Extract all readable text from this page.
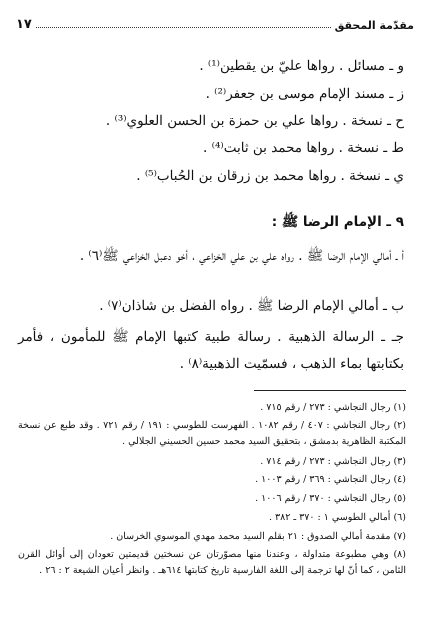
١٧	مقدّمة المحقق
و ـ مسائل . رواها عليّ بن يقطين⁽¹⁾ .
ز ـ مسند الإمام موسى بن جعفر⁽²⁾ .
ح ـ نسخة . رواها علي بن حمزة بن الحسن العلوي⁽³⁾ .
ط ـ نسخة . رواها محمد بن ثابت⁽⁴⁾ .
ي ـ نسخة . رواها محمد بن زرقان بن الحُباب⁽⁵⁾ .
٩ ـ الإمام الرضا ﷺ :
أ ـ أمالي الإمام الرضا ﷺ . رواه علي بن علي الخزاعي ، أخو دعبل الخزاعي ﷺ⁽٦⁾ .
ب ـ أمالي الإمام الرضا ﷺ . رواه الفضل بن شاذان⁽٧⁾ .
جـ ـ الرسالة الذهبية . رسالة طبية كتبها الإمام ﷺ للمأمون ، فأمر بكتابتها بماء الذهب ، فسمّيت الذهبية⁽٨⁾ .
(١) رجال النجاشي : ٢٧٣ / رقم ٧١٥ .
(٢) رجال النجاشي : ٤٠٧ / رقم ١٠٨٢ . الفهرست للطوسي : ١٩١ / رقم ٧٢١ . وقد طبع عن نسخة المكتبة الظاهرية بدمشق ، بتحقيق السيد محمد حسين الحسيني الجلالي .
(٣) رجال النجاشي : ٢٧٣ / رقم ٧١٤ .
(٤) رجال النجاشي : ٣٦٩ / رقم ١٠٠٣ .
(٥) رجال النجاشي : ٣٧٠ / رقم ١٠٠٦ .
(٦) أمالي الطوسي ١ : ٣٧٠ ـ ٣٨٢ .
(٧) مقدمة أمالي الصدوق : ٢١ بقلم السيد محمد مهدي الموسوي الخرسان .
(٨) وهي مطبوعة متداولة ، وعندنا منها مصوّرتان عن نسختين قديمتين تعودان إلى أوائل القرن الثامن ، كما أنّ لها ترجمة إلى اللغة الفارسية تاريخ كتابتها ٦١٤هـ . وانظر أعيان الشيعة ٢ : ٢٦ .
